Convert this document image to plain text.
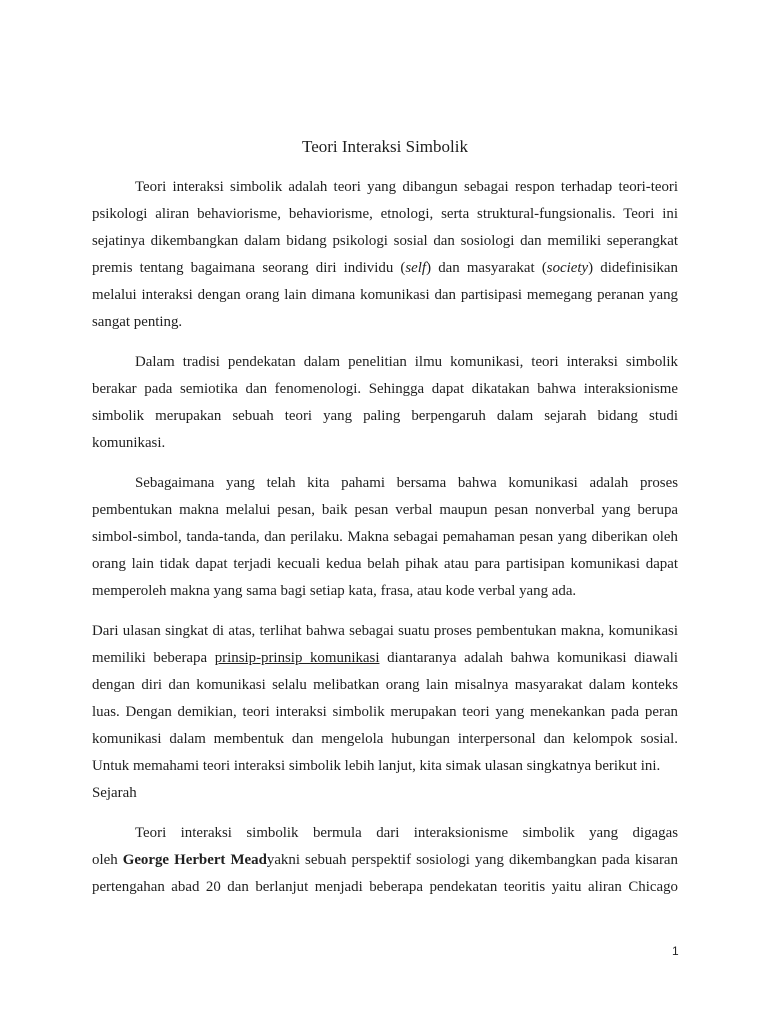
Teori Interaksi Simbolik
Teori interaksi simbolik adalah teori yang dibangun sebagai respon terhadap teori-teori
psikologi aliran behaviorisme, behaviorisme, etnologi, serta struktural-fungsionalis. Teori ini
sejatinya dikembangkan dalam bidang psikologi sosial dan sosiologi dan memiliki seperangkat
premis tentang bagaimana seorang diri individu (self) dan masyarakat (society) didefinisikan
melalui interaksi dengan orang lain dimana komunikasi dan partisipasi memegang peranan yang
sangat penting.
Dalam tradisi pendekatan dalam penelitian ilmu komunikasi, teori interaksi simbolik
berakar pada semiotika dan fenomenologi. Sehingga dapat dikatakan bahwa interaksionisme
simbolik merupakan sebuah teori yang paling berpengaruh dalam sejarah bidang studi
komunikasi.
Sebagaimana yang telah kita pahami bersama bahwa komunikasi adalah proses
pembentukan makna melalui pesan, baik pesan verbal maupun pesan nonverbal yang berupa
simbol-simbol, tanda-tanda, dan perilaku. Makna sebagai pemahaman pesan yang diberikan oleh
orang lain tidak dapat terjadi kecuali kedua belah pihak atau para partisipan komunikasi dapat
memperoleh makna yang sama bagi setiap kata, frasa, atau kode verbal yang ada.
Dari ulasan singkat di atas, terlihat bahwa sebagai suatu proses pembentukan makna, komunikasi
memiliki beberapa prinsip-prinsip komunikasi diantaranya adalah bahwa komunikasi diawali
dengan diri dan komunikasi selalu melibatkan orang lain misalnya masyarakat dalam konteks
luas. Dengan demikian, teori interaksi simbolik merupakan teori yang menekankan pada peran
komunikasi dalam membentuk dan mengelola hubungan interpersonal dan kelompok sosial.
Untuk memahami teori interaksi simbolik lebih lanjut, kita simak ulasan singkatnya berikut ini.
Sejarah
Teori interaksi simbolik bermula dari interaksionisme simbolik yang digagas
oleh George Herbert Meadyakni sebuah perspektif sosiologi yang dikembangkan pada kisaran
pertengahan abad 20 dan berlanjut menjadi beberapa pendekatan teoritis yaitu aliran Chicago
1
